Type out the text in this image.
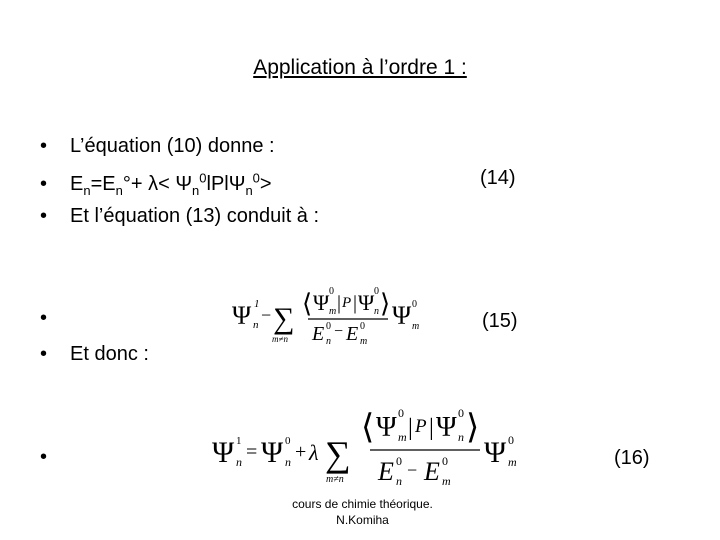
Application à l’ordre 1 :
• L’équation (10) donne :
• $E_n=E_n^\circ+ \lambda< \Psi_n^0lPl\Psi_n^0>$	(14)
• Et l’équation (13) conduit à :
•	Ψ 1
n − ∑
m≠n
⟨ Ψ 0
m | P | Ψ 0
n ⟩
E 0
n
− E 0
m
Ψ 0
m	(15)
• Et donc :
•	Ψ 1
n = Ψ 0
n + λ ∑
m≠n
⟨ Ψ 0
m | P | Ψ 0
n ⟩
E 0
n
− E 0
m
Ψ 0
m	(16)
cours de chimie théorique.
N.Komiha
